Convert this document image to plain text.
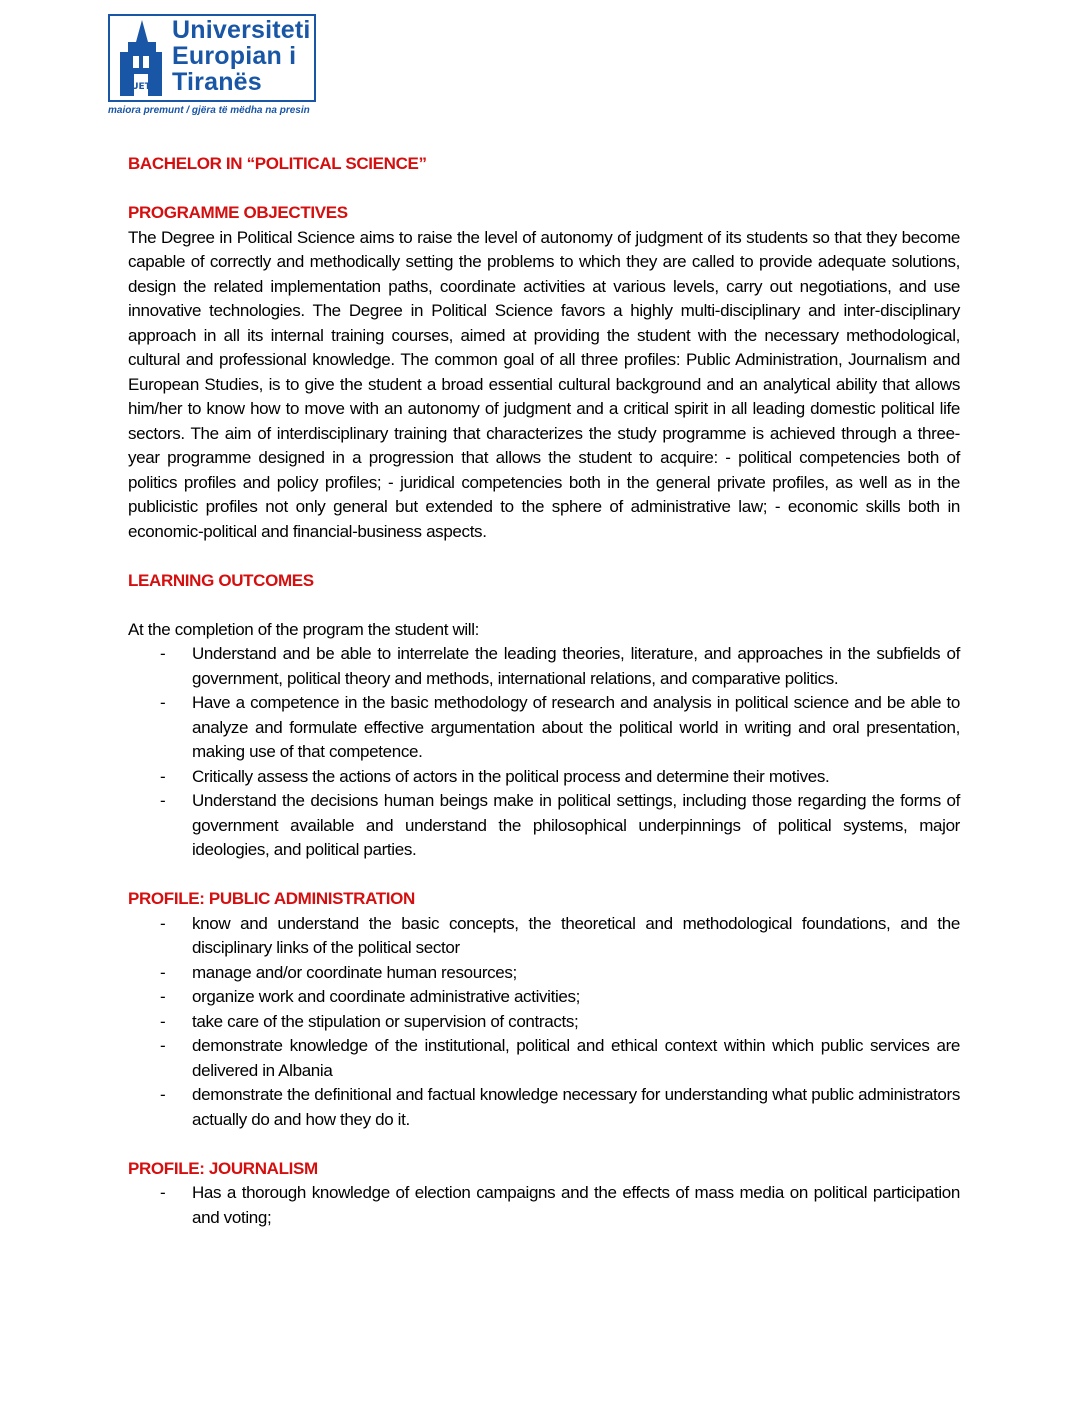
UET
Universiteti
Europian i
Tiranës
maiora premunt / gjëra të mëdha na presin
BACHELOR IN “POLITICAL SCIENCE”
PROGRAMME OBJECTIVES

The Degree in Political Science aims to raise the level of autonomy of judgment of its students so that they become capable of correctly and methodically setting the problems to which they are called to provide adequate solutions, design the related implementation paths, coordinate activities at various levels, carry out negotiations, and use innovative technologies. The Degree in Political Science favors a highly multi-disciplinary and inter-disciplinary approach in all its internal training courses, aimed at providing the student with the necessary methodological, cultural and professional knowledge. The common goal of all three profiles: Public Administration, Journalism and European Studies, is to give the student a broad essential cultural background and an analytical ability that allows him/her to know how to move with an autonomy of judgment and a critical spirit in all leading domestic political life sectors. The aim of interdisciplinary training that characterizes the study programme is achieved through a three-year programme designed in a progression that allows the student to acquire: - political competencies both of politics profiles and policy profiles; - juridical competencies both in the general private profiles, as well as in the publicistic profiles not only general but extended to the sphere of administrative law; - economic skills both in economic-political and financial-business aspects.

LEARNING OUTCOMES

At the completion of the program the student will:

- Understand and be able to interrelate the leading theories, literature, and approaches in the subfields of government, political theory and methods, international relations, and comparative politics.
- Have a competence in the basic methodology of research and analysis in political science and be able to analyze and formulate effective argumentation about the political world in writing and oral presentation, making use of that competence.
- Critically assess the actions of actors in the political process and determine their motives.
- Understand the decisions human beings make in political settings, including those regarding the forms of government available and understand the philosophical underpinnings of political systems, major ideologies, and political parties.
PROFILE: PUBLIC ADMINISTRATION
- know and understand the basic concepts, the theoretical and methodological foundations, and the disciplinary links of the political sector
- manage and/or coordinate human resources;
- organize work and coordinate administrative activities;
- take care of the stipulation or supervision of contracts;
- demonstrate knowledge of the institutional, political and ethical context within which public services are delivered in Albania
- demonstrate the definitional and factual knowledge necessary for understanding what public administrators actually do and how they do it.
PROFILE: JOURNALISM
- Has a thorough knowledge of election campaigns and the effects of mass media on political participation and voting;
